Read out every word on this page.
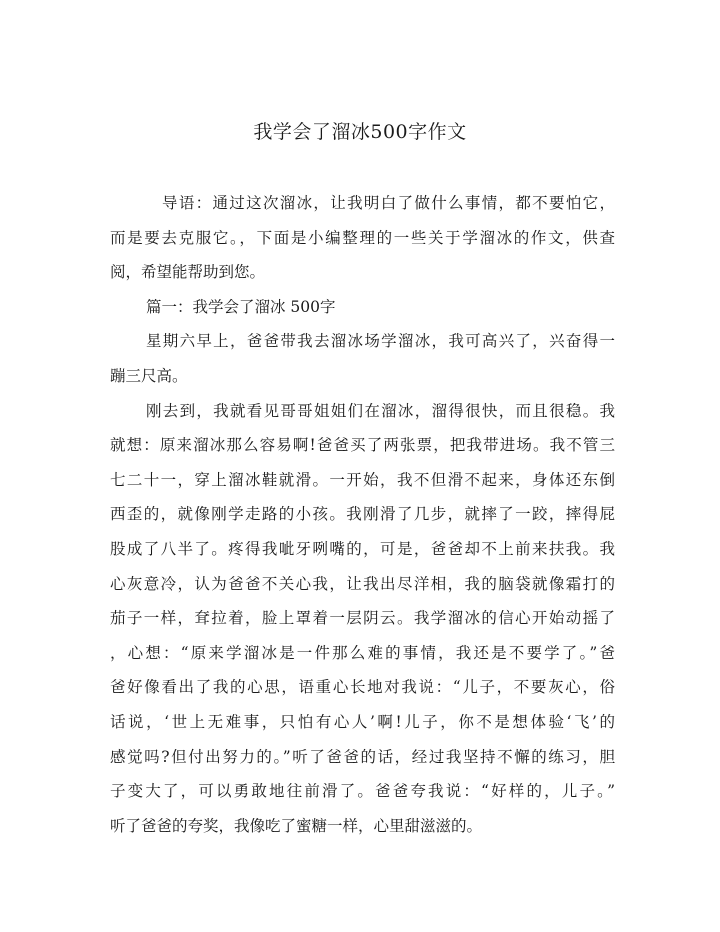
我学会了溜冰500字作文
导语：通过这次溜冰，让我明白了做什么事情，都不要怕它，
而是要去克服它。，下面是小编整理的一些关于学溜冰的作文，供查
阅，希望能帮助到您。
篇一：我学会了溜冰 500字
星期六早上，爸爸带我去溜冰场学溜冰，我可高兴了，兴奋得一
蹦三尺高。
刚去到，我就看见哥哥姐姐们在溜冰，溜得很快，而且很稳。我
就想：原来溜冰那么容易啊!爸爸买了两张票，把我带进场。我不管三
七二十一，穿上溜冰鞋就滑。一开始，我不但滑不起来，身体还东倒
西歪的，就像刚学走路的小孩。我刚滑了几步，就摔了一跤，摔得屁
股成了八半了。疼得我呲牙咧嘴的，可是，爸爸却不上前来扶我。我
心灰意冷，认为爸爸不关心我，让我出尽洋相，我的脑袋就像霜打的
茄子一样，耷拉着，脸上罩着一层阴云。我学溜冰的信心开始动摇了
，心想：“原来学溜冰是一件那么难的事情，我还是不要学了。”爸
爸好像看出了我的心思，语重心长地对我说：“儿子，不要灰心，俗
话说，‘世上无难事，只怕有心人’啊!儿子，你不是想体验‘飞’的
感觉吗?但付出努力的。”听了爸爸的话，经过我坚持不懈的练习，胆
子变大了，可以勇敢地往前滑了。爸爸夸我说：“好样的，儿子。”
听了爸爸的夸奖，我像吃了蜜糖一样，心里甜滋滋的。
